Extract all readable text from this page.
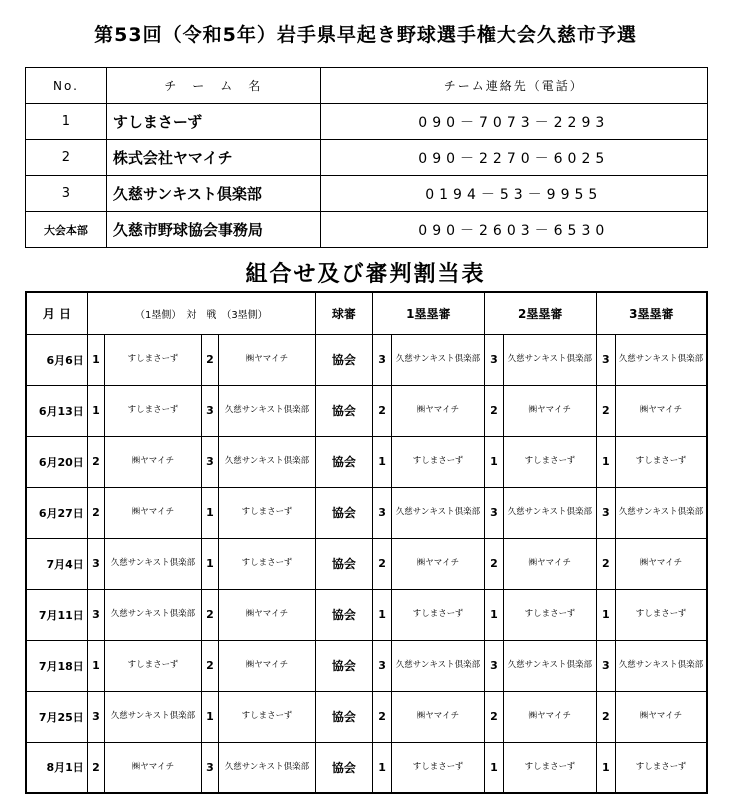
第53回（令和5年）岩手県早起き野球選手権大会久慈市予選
No.	チ　ー　ム　名	チーム連絡先（電話）
1	すしまさーず	090－7073－2293
2	株式会社ヤマイチ	090－2270－6025
3	久慈サンキスト倶楽部	0194－53－9955
大会本部	久慈市野球協会事務局	090－2603－6530
組合せ及び審判割当表
月 日	（1塁側）　対　戦　（3塁側）				球審	1塁塁審		2塁塁審		3塁塁審	
6月6日	1	すしまさーず	2	㈱ヤマイチ	協会	3	久慈サンキスト倶楽部	3	久慈サンキスト倶楽部	3	久慈サンキスト倶楽部
6月13日	1	すしまさーず	3	久慈サンキスト倶楽部	協会	2	㈱ヤマイチ	2	㈱ヤマイチ	2	㈱ヤマイチ
6月20日	2	㈱ヤマイチ	3	久慈サンキスト倶楽部	協会	1	すしまさーず	1	すしまさーず	1	すしまさーず
6月27日	2	㈱ヤマイチ	1	すしまさーず	協会	3	久慈サンキスト倶楽部	3	久慈サンキスト倶楽部	3	久慈サンキスト倶楽部
7月4日	3	久慈サンキスト倶楽部	1	すしまさーず	協会	2	㈱ヤマイチ	2	㈱ヤマイチ	2	㈱ヤマイチ
7月11日	3	久慈サンキスト倶楽部	2	㈱ヤマイチ	協会	1	すしまさーず	1	すしまさーず	1	すしまさーず
7月18日	1	すしまさーず	2	㈱ヤマイチ	協会	3	久慈サンキスト倶楽部	3	久慈サンキスト倶楽部	3	久慈サンキスト倶楽部
7月25日	3	久慈サンキスト倶楽部	1	すしまさーず	協会	2	㈱ヤマイチ	2	㈱ヤマイチ	2	㈱ヤマイチ
8月1日	2	㈱ヤマイチ	3	久慈サンキスト倶楽部	協会	1	すしまさーず	1	すしまさーず	1	すしまさーず
